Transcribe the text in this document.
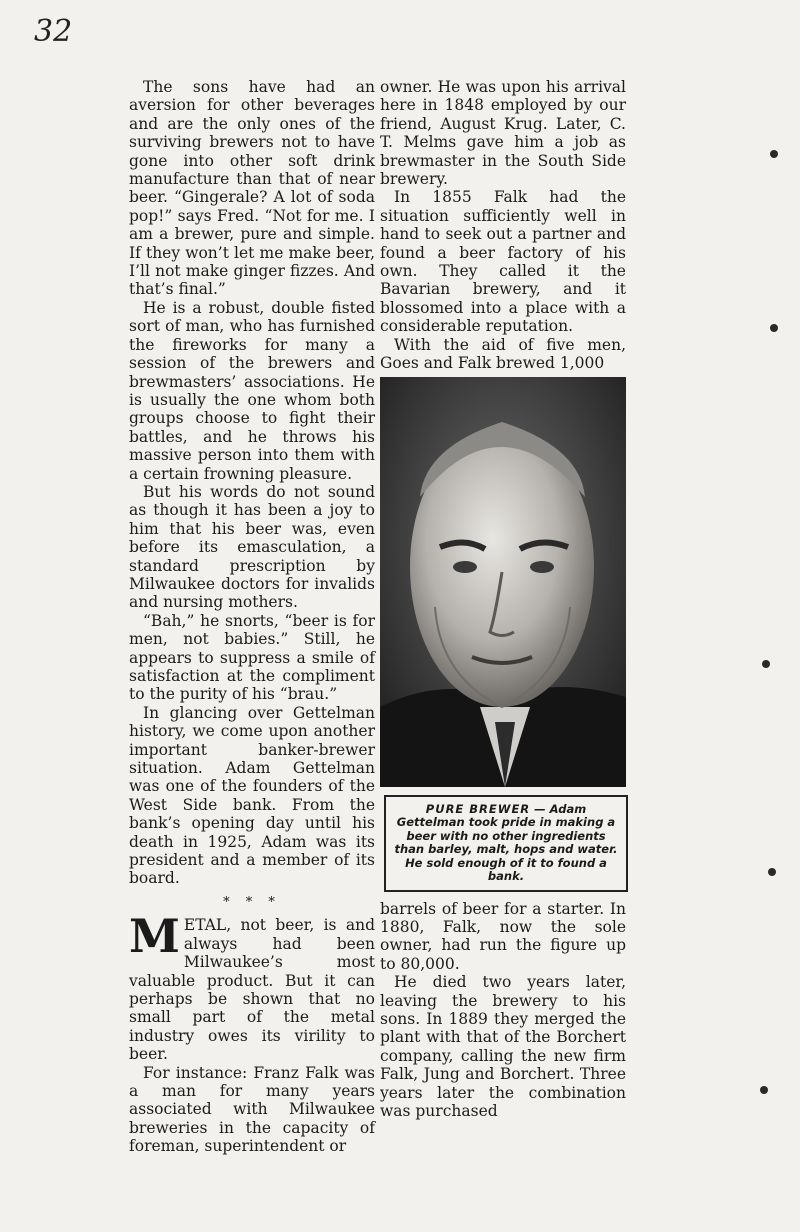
32

The sons have had an aversion for other beverages and are the only ones of the surviving brewers not to have gone into other soft drink manufacture than that of near beer. “Gingerale? A lot of soda pop!” says Fred. “Not for me. I am a brewer, pure and simple. If they won’t let me make beer, I’ll not make ginger fizzes. And that’s final.”

He is a robust, double fisted sort of man, who has furnished the fireworks for many a session of the brewers and brewmasters’ associations. He is usually the one whom both groups choose to fight their battles, and he throws his massive person into them with a certain frowning pleasure.

But his words do not sound as though it has been a joy to him that his beer was, even before its emasculation, a standard prescription by Milwaukee doctors for invalids and nursing mothers.

“Bah,” he snorts, “beer is for men, not babies.” Still, he appears to suppress a smile of satisfaction at the compliment to the purity of his “brau.”

In glancing over Gettelman history, we come upon another important banker-brewer situation. Adam Gettelman was one of the founders of the West Side bank. From the bank’s opening day until his death in 1925, Adam was its president and a member of its board.

* * *

METAL, not beer, is and always had been Milwaukee’s most valuable product. But it can perhaps be shown that no small part of the metal industry owes its virility to beer.

For instance: Franz Falk was a man for many years associated with Milwaukee breweries in the capacity of foreman, superintendent or

owner. He was upon his arrival here in 1848 employed by our friend, August Krug. Later, C. T. Melms gave him a job as brewmaster in the South Side brewery.

In 1855 Falk had the situation sufficiently well in hand to seek out a partner and found a beer factory of his own. They called it the Bavarian brewery, and it blossomed into a place with a considerable reputation.

With the aid of five men, Goes and Falk brewed 1,000

PURE BREWER — Adam Gettelman took pride in making a beer with no other ingredients than barley, malt, hops and water. He sold enough of it to found a bank.

barrels of beer for a starter. In 1880, Falk, now the sole owner, had run the figure up to 80,000.

He died two years later, leaving the brewery to his sons. In 1889 they merged the plant with that of the Borchert company, calling the new firm Falk, Jung and Borchert. Three years later the combination was purchased
